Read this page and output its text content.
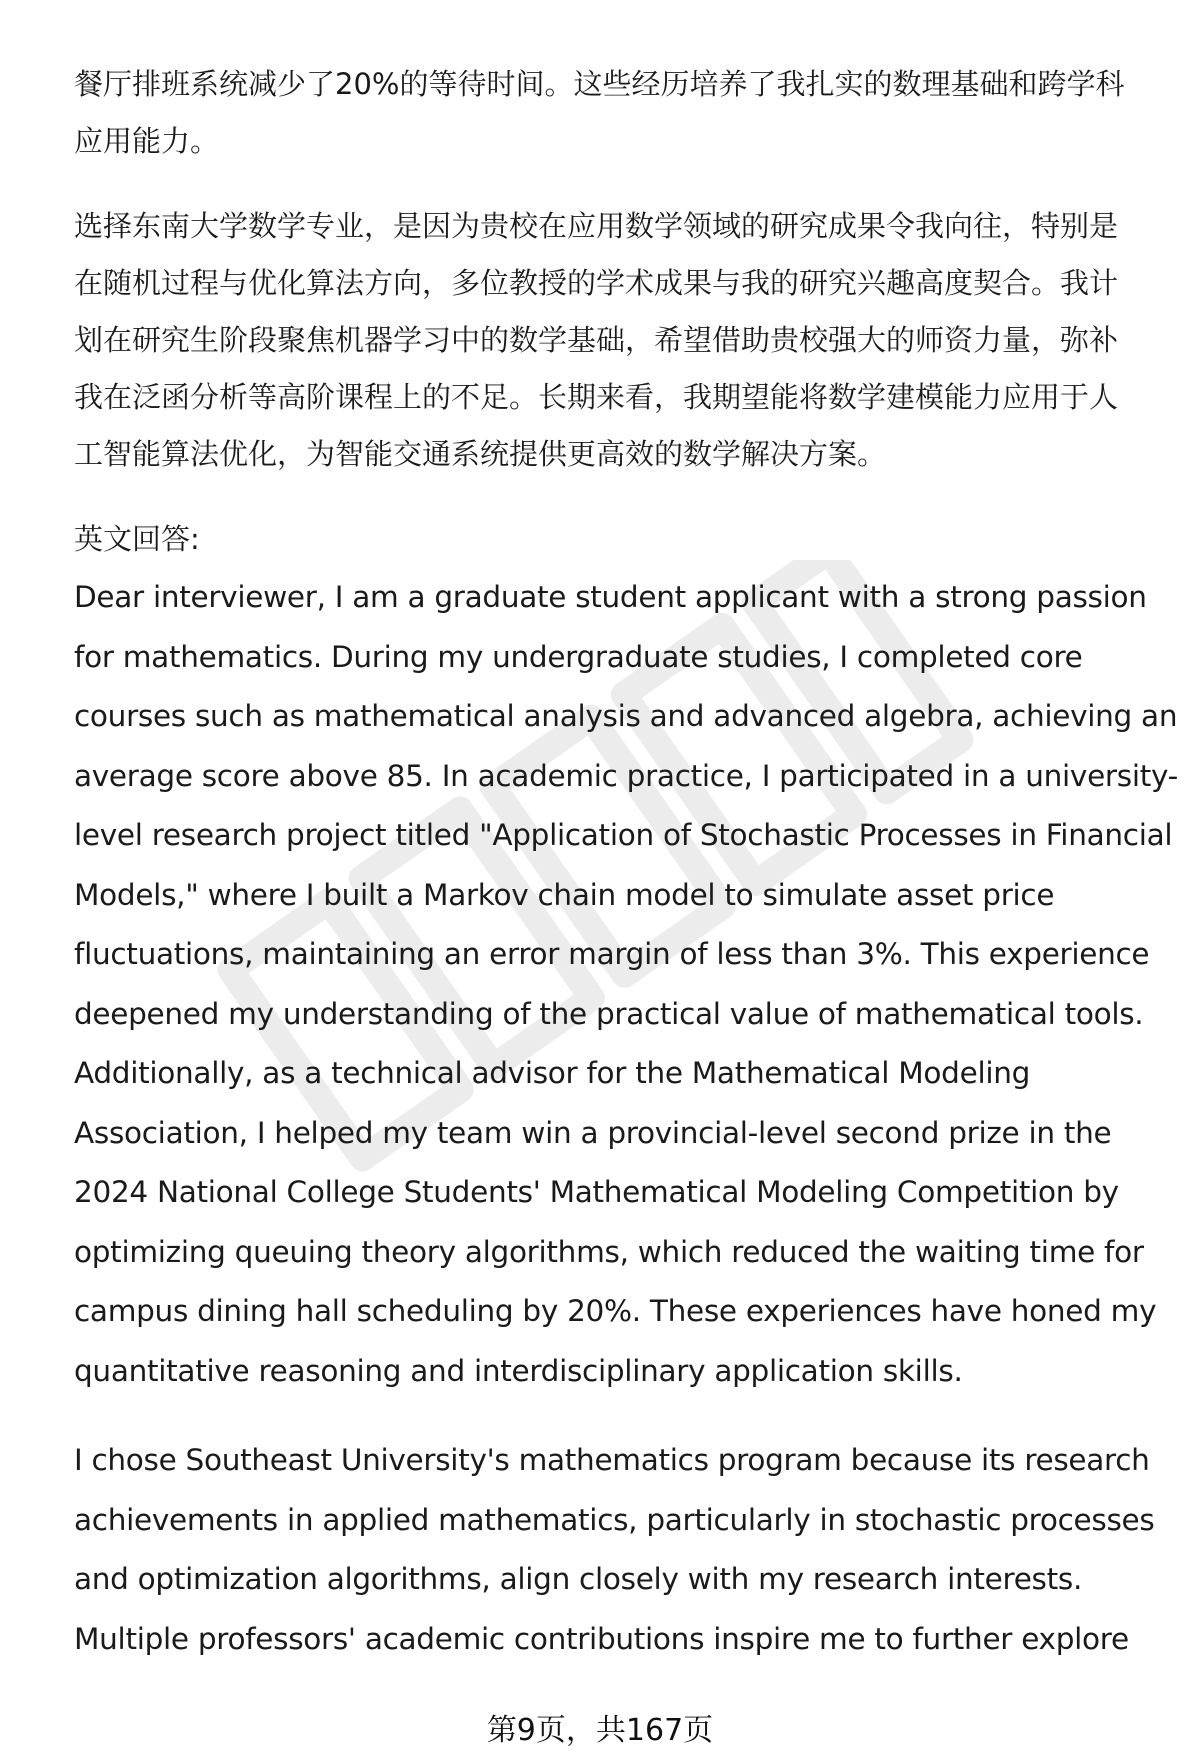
餐厅排班系统减少了20%的等待时间。这些经历培养了我扎实的数理基础和跨学科
应用能力。
选择东南大学数学专业，是因为贵校在应用数学领域的研究成果令我向往，特别是
在随机过程与优化算法方向，多位教授的学术成果与我的研究兴趣高度契合。我计
划在研究生阶段聚焦机器学习中的数学基础，希望借助贵校强大的师资力量，弥补
我在泛函分析等高阶课程上的不足。长期来看，我期望能将数学建模能力应用于人
工智能算法优化，为智能交通系统提供更高效的数学解决方案。
英文回答:
Dear interviewer, I am a graduate student applicant with a strong passion
for mathematics. During my undergraduate studies, I completed core
courses such as mathematical analysis and advanced algebra, achieving an
average score above 85. In academic practice, I participated in a university-
level research project titled "Application of Stochastic Processes in Financial
Models," where I built a Markov chain model to simulate asset price
fluctuations, maintaining an error margin of less than 3%. This experience
deepened my understanding of the practical value of mathematical tools.
Additionally, as a technical advisor for the Mathematical Modeling
Association, I helped my team win a provincial-level second prize in the
2024 National College Students' Mathematical Modeling Competition by
optimizing queuing theory algorithms, which reduced the waiting time for
campus dining hall scheduling by 20%. These experiences have honed my
quantitative reasoning and interdisciplinary application skills.
I chose Southeast University's mathematics program because its research
achievements in applied mathematics, particularly in stochastic processes
and optimization algorithms, align closely with my research interests.
Multiple professors' academic contributions inspire me to further explore
第9页，共167页
